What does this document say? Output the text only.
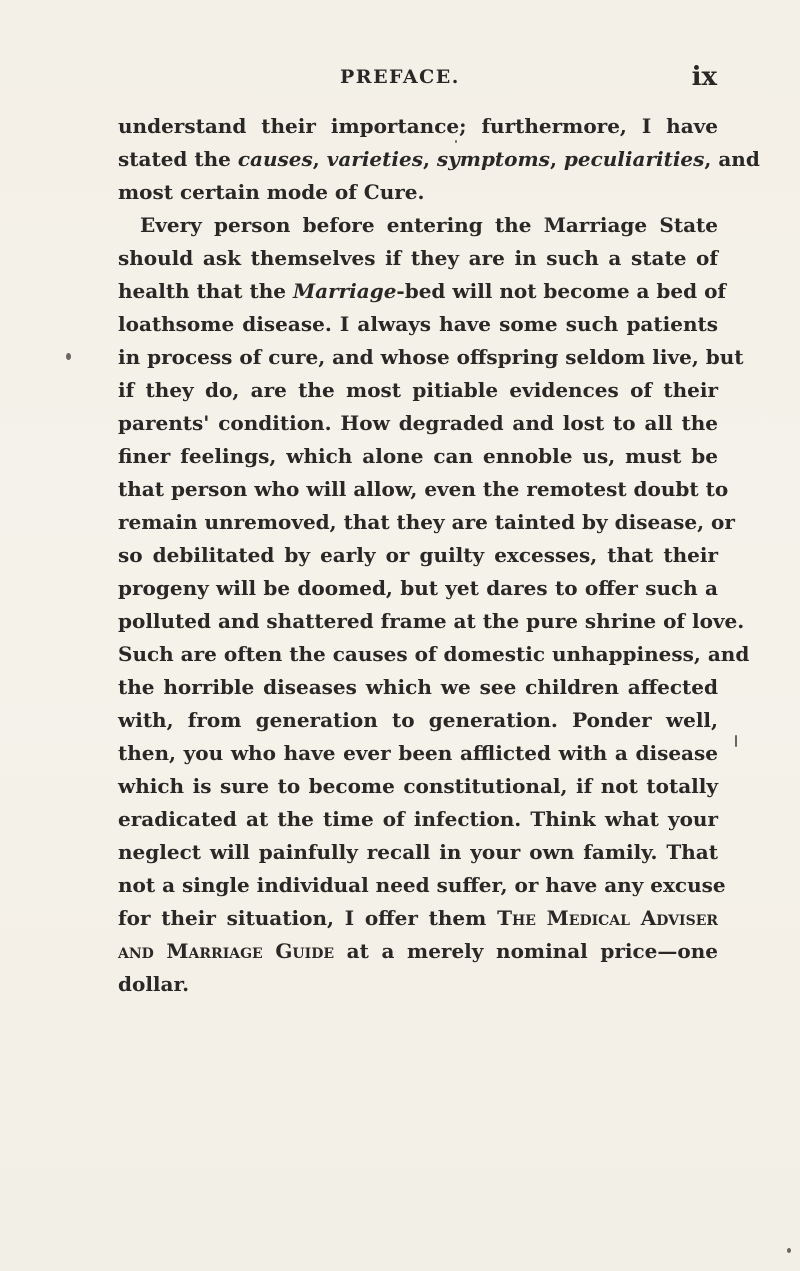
PREFACE.	ix
understand their importance; furthermore, I have
stated the causes, varieties, symptoms, peculiarities, and
most certain mode of Cure.
Every person before entering the Marriage State
should ask themselves if they are in such a state of
health that the Marriage-bed will not become a bed of
loathsome disease. I always have some such patients
in process of cure, and whose offspring seldom live, but
if they do, are the most pitiable evidences of their
parents' condition. How degraded and lost to all the
finer feelings, which alone can ennoble us, must be
that person who will allow, even the remotest doubt to
remain unremoved, that they are tainted by disease, or
so debilitated by early or guilty excesses, that their
progeny will be doomed, but yet dares to offer such a
polluted and shattered frame at the pure shrine of love.
Such are often the causes of domestic unhappiness, and
the horrible diseases which we see children affected
with, from generation to generation. Ponder well,
then, you who have ever been afflicted with a disease
which is sure to become constitutional, if not totally
eradicated at the time of infection. Think what your
neglect will painfully recall in your own family. That
not a single individual need suffer, or have any excuse
for their situation, I offer them The Medical Adviser
and Marriage Guide at a merely nominal price—one
dollar.
